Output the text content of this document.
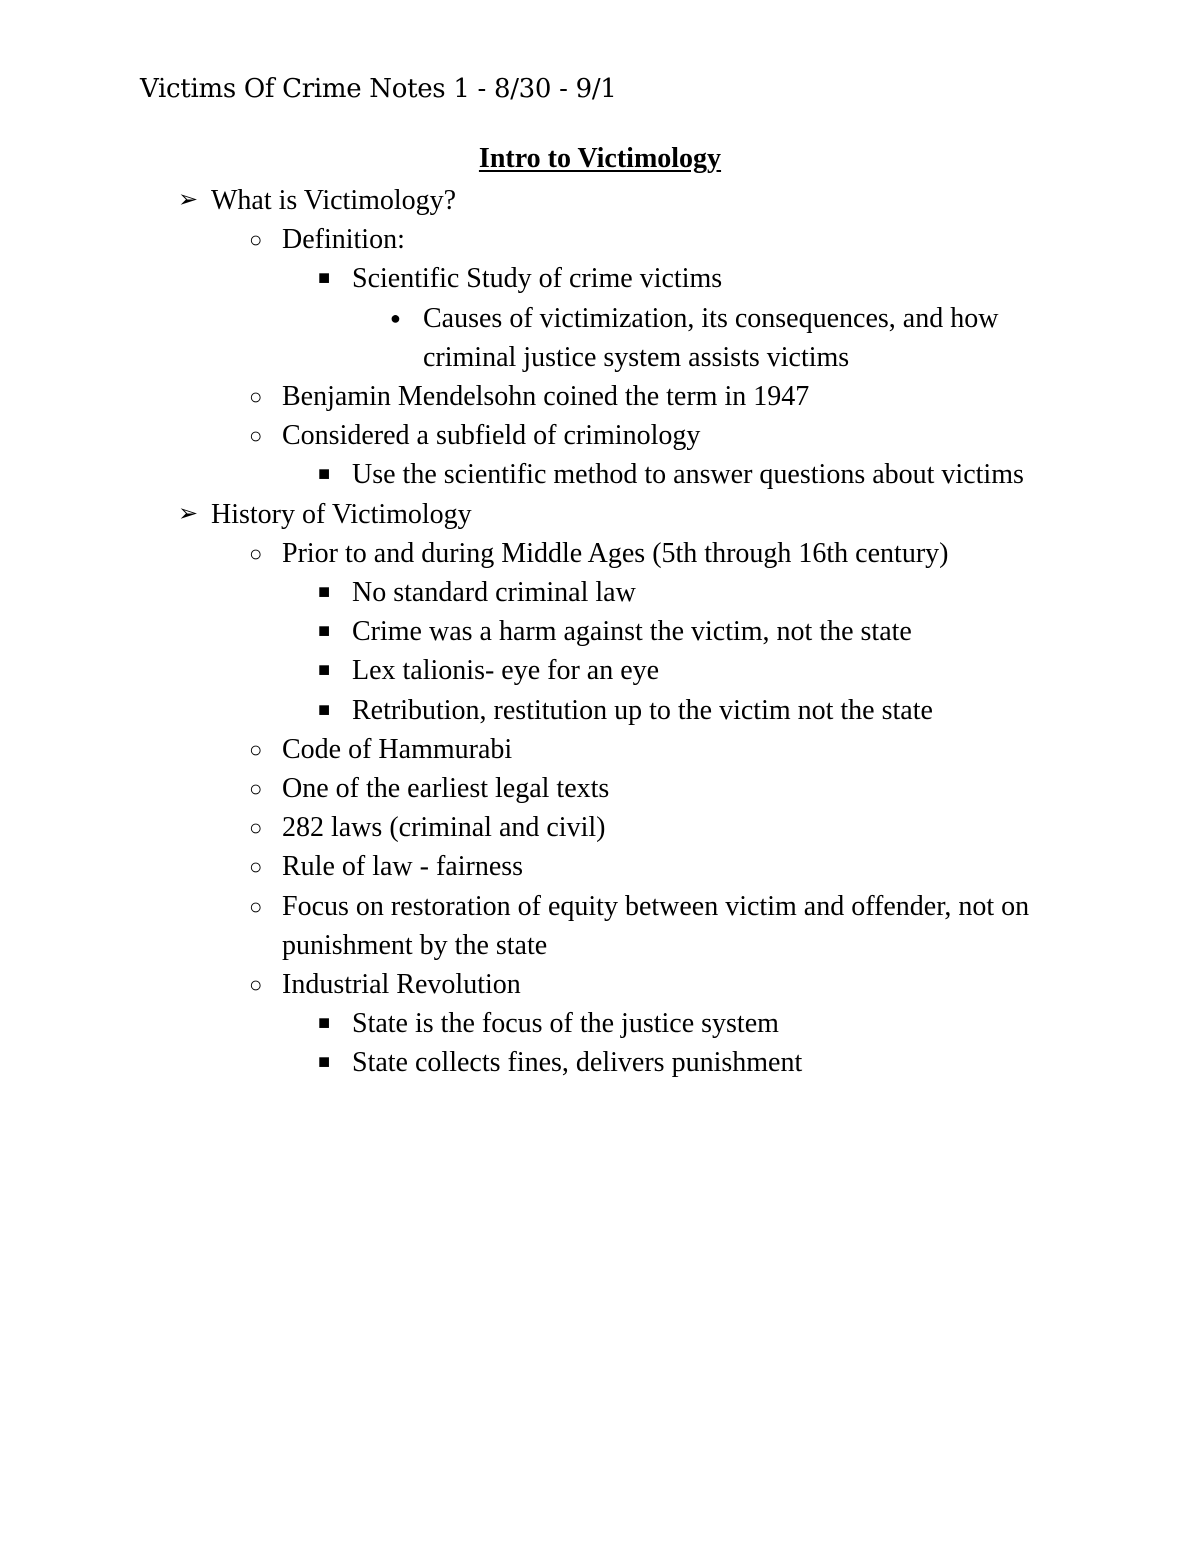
Victims Of Crime Notes 1 - 8/30 - 9/1
Intro to Victimology
➢ What is Victimology?
○ Definition:
■ Scientific Study of crime victims
● Causes of victimization, its consequences, and how criminal justice system assists victims
○ Benjamin Mendelsohn coined the term in 1947
○ Considered a subfield of criminology
■ Use the scientific method to answer questions about victims
➢ History of Victimology
○ Prior to and during Middle Ages (5th through 16th century)
■ No standard criminal law
■ Crime was a harm against the victim, not the state
■ Lex talionis- eye for an eye
■ Retribution, restitution up to the victim not the state
○ Code of Hammurabi
○ One of the earliest legal texts
○ 282 laws (criminal and civil)
○ Rule of law - fairness
○ Focus on restoration of equity between victim and offender, not on punishment by the state
○ Industrial Revolution
■ State is the focus of the justice system
■ State collects fines, delivers punishment
